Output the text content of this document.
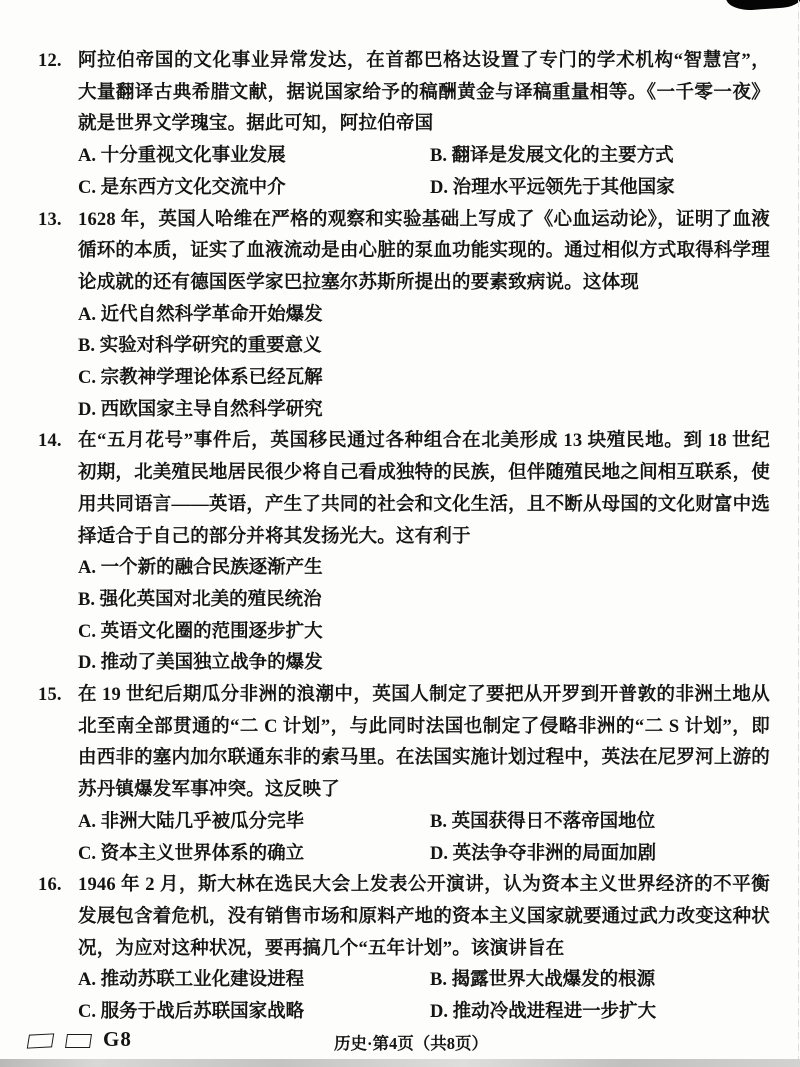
12. 阿拉伯帝国的文化事业异常发达，在首都巴格达设置了专门的学术机构“智慧宫”，大量翻译古典希腊文献，据说国家给予的稿酬黄金与译稿重量相等。《一千零一夜》就是世界文学瑰宝。据此可知，阿拉伯帝国
A. 十分重视文化事业发展	B. 翻译是发展文化的主要方式
C. 是东西方文化交流中介	D. 治理水平远领先于其他国家
13. 1628 年，英国人哈维在严格的观察和实验基础上写成了《心血运动论》，证明了血液循环的本质，证实了血液流动是由心脏的泵血功能实现的。通过相似方式取得科学理论成就的还有德国医学家巴拉塞尔苏斯所提出的要素致病说。这体现
A. 近代自然科学革命开始爆发
B. 实验对科学研究的重要意义
C. 宗教神学理论体系已经瓦解
D. 西欧国家主导自然科学研究
14. 在“五月花号”事件后，英国移民通过各种组合在北美形成 13 块殖民地。到 18 世纪初期，北美殖民地居民很少将自己看成独特的民族，但伴随殖民地之间相互联系，使用共同语言——英语，产生了共同的社会和文化生活，且不断从母国的文化财富中选择适合于自己的部分并将其发扬光大。这有利于
A. 一个新的融合民族逐渐产生
B. 强化英国对北美的殖民统治
C. 英语文化圈的范围逐步扩大
D. 推动了美国独立战争的爆发
15. 在 19 世纪后期瓜分非洲的浪潮中，英国人制定了要把从开罗到开普敦的非洲土地从北至南全部贯通的“二 C 计划”，与此同时法国也制定了侵略非洲的“二 S 计划”，即由西非的塞内加尔联通东非的索马里。在法国实施计划过程中，英法在尼罗河上游的苏丹镇爆发军事冲突。这反映了
A. 非洲大陆几乎被瓜分完毕	B. 英国获得日不落帝国地位
C. 资本主义世界体系的确立	D. 英法争夺非洲的局面加剧
16. 1946 年 2 月，斯大林在选民大会上发表公开演讲，认为资本主义世界经济的不平衡发展包含着危机，没有销售市场和原料产地的资本主义国家就要通过武力改变这种状况，为应对这种状况，要再搞几个“五年计划”。该演讲旨在
A. 推动苏联工业化建设进程	B. 揭露世界大战爆发的根源
C. 服务于战后苏联国家战略	D. 推动冷战进程进一步扩大
G8	历史·第4页（共8页）
